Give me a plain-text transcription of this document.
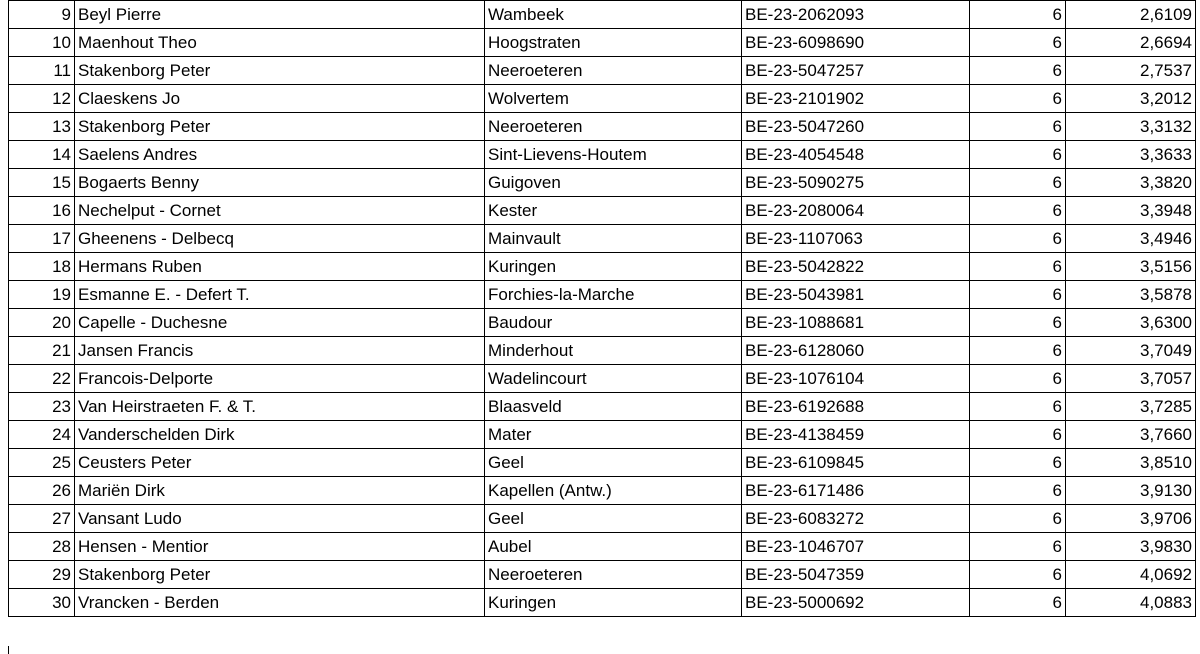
9	Beyl Pierre	Wambeek	BE-23-2062093	6	2,6109
10	Maenhout Theo	Hoogstraten	BE-23-6098690	6	2,6694
11	Stakenborg Peter	Neeroeteren	BE-23-5047257	6	2,7537
12	Claeskens Jo	Wolvertem	BE-23-2101902	6	3,2012
13	Stakenborg Peter	Neeroeteren	BE-23-5047260	6	3,3132
14	Saelens Andres	Sint-Lievens-Houtem	BE-23-4054548	6	3,3633
15	Bogaerts Benny	Guigoven	BE-23-5090275	6	3,3820
16	Nechelput - Cornet	Kester	BE-23-2080064	6	3,3948
17	Gheenens - Delbecq	Mainvault	BE-23-1107063	6	3,4946
18	Hermans Ruben	Kuringen	BE-23-5042822	6	3,5156
19	Esmanne E. - Defert T.	Forchies-la-Marche	BE-23-5043981	6	3,5878
20	Capelle - Duchesne	Baudour	BE-23-1088681	6	3,6300
21	Jansen Francis	Minderhout	BE-23-6128060	6	3,7049
22	Francois-Delporte	Wadelincourt	BE-23-1076104	6	3,7057
23	Van Heirstraeten F. & T.	Blaasveld	BE-23-6192688	6	3,7285
24	Vanderschelden Dirk	Mater	BE-23-4138459	6	3,7660
25	Ceusters Peter	Geel	BE-23-6109845	6	3,8510
26	Mariën Dirk	Kapellen (Antw.)	BE-23-6171486	6	3,9130
27	Vansant Ludo	Geel	BE-23-6083272	6	3,9706
28	Hensen - Mentior	Aubel	BE-23-1046707	6	3,9830
29	Stakenborg Peter	Neeroeteren	BE-23-5047359	6	4,0692
30	Vrancken - Berden	Kuringen	BE-23-5000692	6	4,0883
